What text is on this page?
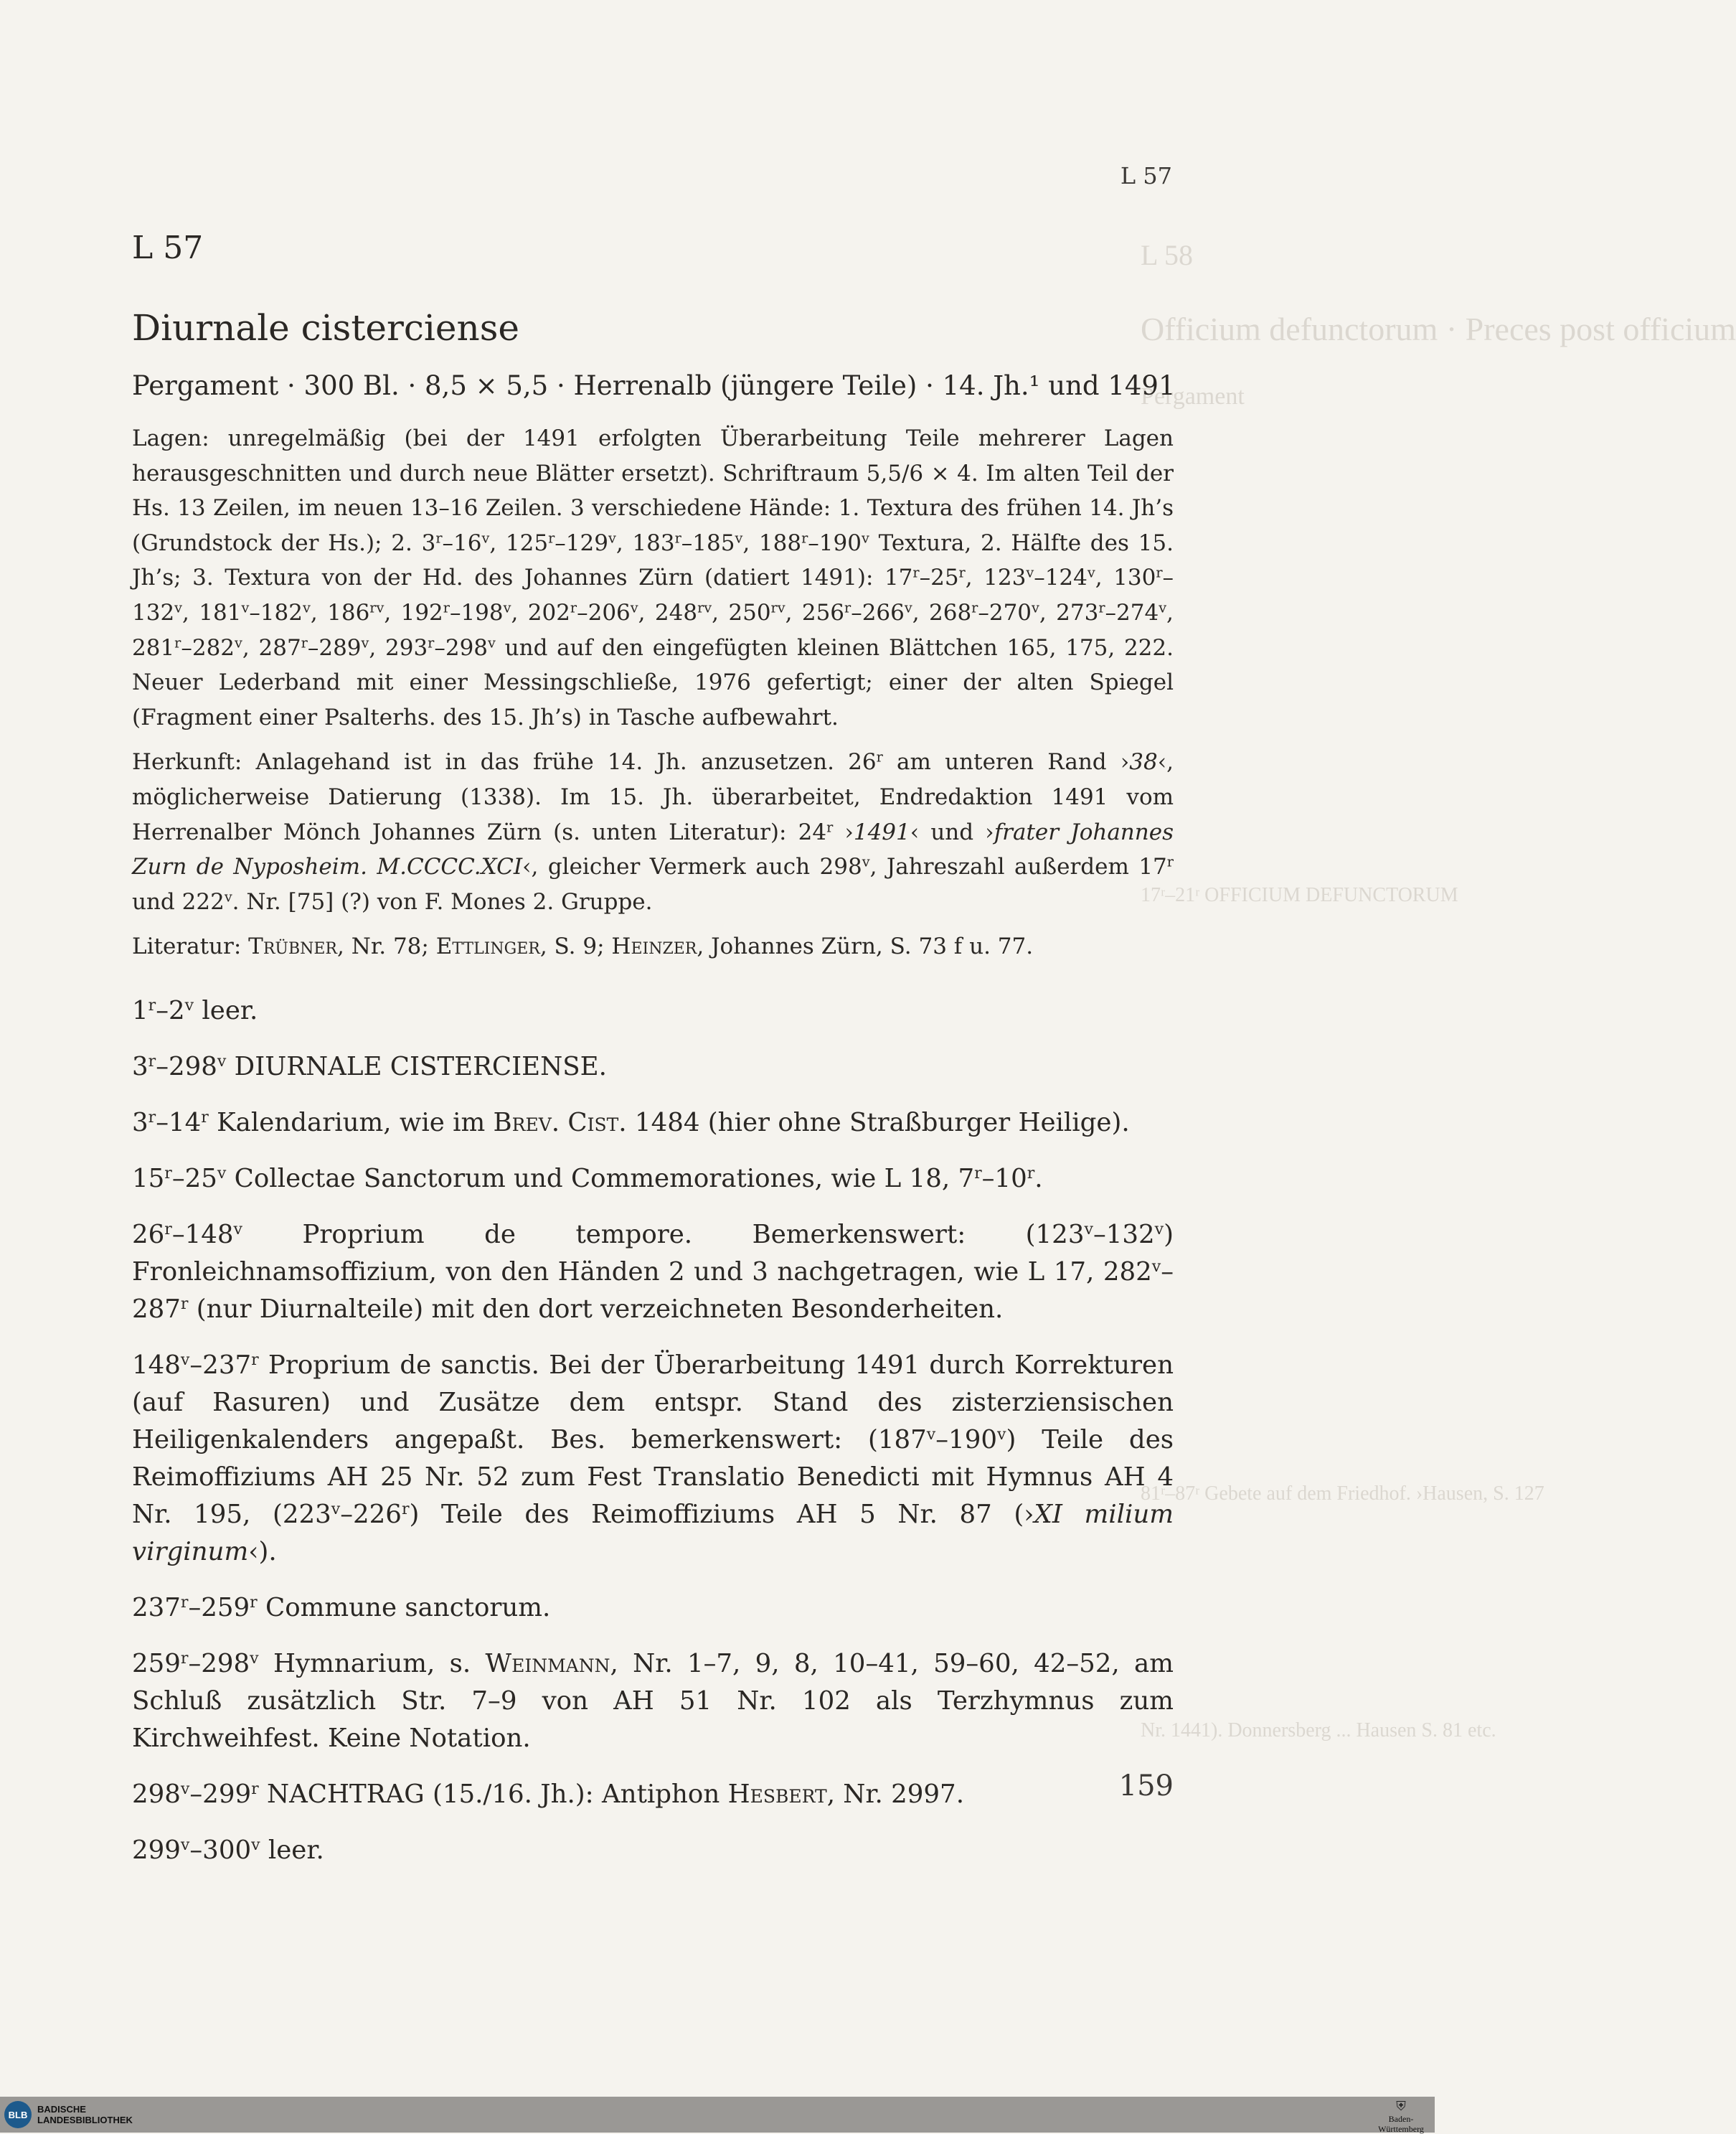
L 58
Officium defunctorum · Preces post officium
Pergament
17ʳ–21ʳ OFFICIUM DEFUNCTORUM
81ʳ–87ʳ Gebete auf dem Friedhof. ›Hausen, S. 127
Nr. 1441). Donnersberg ... Hausen S. 81 etc.
L 57
L 57
Diurnale cisterciense
Pergament · 300 Bl. · 8,5 × 5,5 · Herrenalb (jüngere Teile) · 14. Jh.¹ und 1491

Lagen: unregelmäßig (bei der 1491 erfolgten Überarbeitung Teile mehrerer Lagen herausgeschnitten und durch neue Blätter ersetzt). Schriftraum 5,5/6 × 4. Im alten Teil der Hs. 13 Zeilen, im neuen 13–16 Zeilen. 3 verschiedene Hände: 1. Textura des frühen 14. Jh’s (Grundstock der Hs.); 2. 3$^r$–16$^v$, 125$^r$–129$^v$, 183$^r$–185$^v$, 188$^r$–190$^v$ Textura, 2. Hälfte des 15. Jh’s; 3. Textura von der Hd. des Johannes Zürn (datiert 1491): 17$^r$–25$^r$, 123$^v$–124$^v$, 130$^r$–132$^v$, 181$^v$–182$^v$, $186^{rv}$, 192$^r$–198$^v$, 202$^r$–206$^v$, $248^{rv}$, $250^{rv}$, 256$^r$–266$^v$, 268$^r$–270$^v$, 273$^r$–274$^v$, 281$^r$–282$^v$, 287$^r$–289$^v$, 293$^r$–298$^v$ und auf den eingefügten kleinen Blättchen 165, 175, 222. Neuer Lederband mit einer Messingschließe, 1976 gefertigt; einer der alten Spiegel (Fragment einer Psalterhs. des 15. Jh’s) in Tasche aufbewahrt.

Herkunft: Anlagehand ist in das frühe 14. Jh. anzusetzen. 26$^r$ am unteren Rand ›38‹, möglicherweise Datierung (1338). Im 15. Jh. überarbeitet, Endredaktion 1491 vom Herrenalber Mönch Johannes Zürn (s. unten Literatur): 24$^r$ ›1491‹ und ›frater Johannes Zurn de Nyposheim. M.CCCC.XCI‹, gleicher Vermerk auch 298$^v$, Jahreszahl außerdem 17$^r$ und 222$^v$. Nr. [75] (?) von F. Mones 2. Gruppe.

Literatur: Trübner, Nr. 78; Ettlinger, S. 9; Heinzer, Johannes Zürn, S. 73 f u. 77.

1$^r$–2$^v$ leer.

3$^r$–298$^v$ DIURNALE CISTERCIENSE.

3$^r$–14$^r$ Kalendarium, wie im Brev. Cist. 1484 (hier ohne Straßburger Heilige).

15$^r$–25$^v$ Collectae Sanctorum und Commemorationes, wie L 18, 7$^r$–10$^r$.

26$^r$–148$^v$ Proprium de tempore. Bemerkenswert: (123$^v$–132$^v$) Fronleichnamsoffizium, von den Händen 2 und 3 nachgetragen, wie L 17, 282$^v$–287$^r$ (nur Diurnalteile) mit den dort verzeichneten Besonderheiten.

148$^v$–237$^r$ Proprium de sanctis. Bei der Überarbeitung 1491 durch Korrekturen (auf Rasuren) und Zusätze dem entspr. Stand des zisterziensischen Heiligenkalenders angepaßt. Bes. bemerkenswert: (187$^v$–190$^v$) Teile des Reimoffiziums AH 25 Nr. 52 zum Fest Translatio Benedicti mit Hymnus AH 4 Nr. 195, (223$^v$–226$^r$) Teile des Reimoffiziums AH 5 Nr. 87 (›XI milium virginum‹).

237$^r$–259$^r$ Commune sanctorum.

259$^r$–298$^v$ Hymnarium, s. Weinmann, Nr. 1–7, 9, 8, 10–41, 59–60, 42–52, am Schluß zusätzlich Str. 7–9 von AH 51 Nr. 102 als Terzhymnus zum Kirchweihfest. Keine Notation.

298$^v$–299$^r$ NACHTRAG (15./16. Jh.): Antiphon Hesbert, Nr. 2997.

299$^v$–300$^v$ leer.

159
BLB	BADISCHE
LANDESBIBLIOTHEK
⛨
Baden-Württemberg
